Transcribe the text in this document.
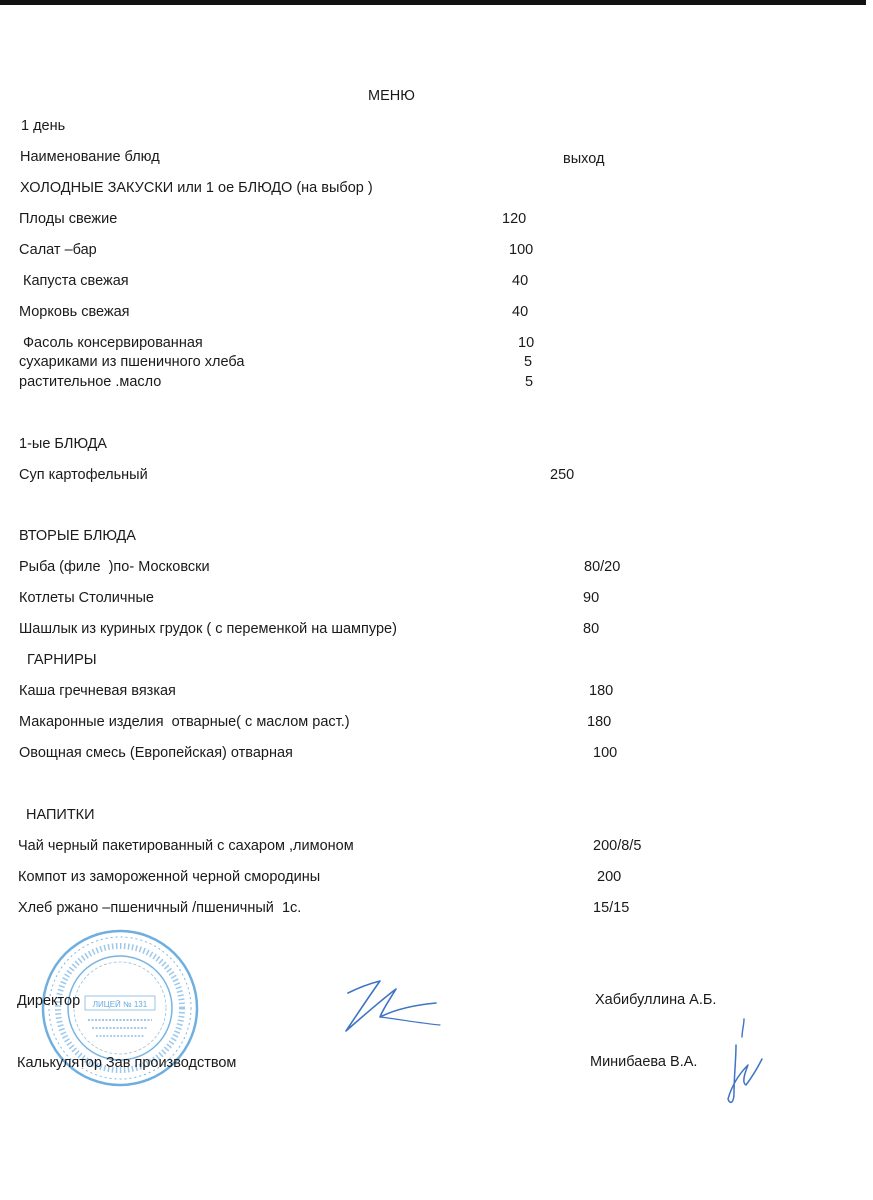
МЕНЮ
1 день
Наименование блюд	выход
ХОЛОДНЫЕ ЗАКУСКИ или 1 ое БЛЮДО (на выбор )
Плоды свежие	120
Салат –бар	100
Капуста свежая	40
Морковь свежая	40
Фасоль консервированная	10
сухариками из пшеничного хлеба	5
растительное .масло	5
1-ые БЛЮДА
Суп картофельный	250
ВТОРЫЕ БЛЮДА
Рыба (филе  )по- Московски	80/20
Котлеты Столичные	90
Шашлык из куриных грудок ( с переменкой на шампуре)	80
ГАРНИРЫ
Каша гречневая вязкая	180
Макаронные изделия  отварные( с маслом раст.)	180
Овощная смесь (Европейская) отварная	100
НАПИТКИ
Чай черный пакетированный с сахаром ,лимоном	200/8/5
Компот из замороженной черной смородины	200
Хлеб ржано –пшеничный /пшеничный  1с.	15/15
ЛИЦЕЙ № 131
Директор	Хабибуллина А.Б.
Калькулятор Зав производством	Минибаева В.А.
